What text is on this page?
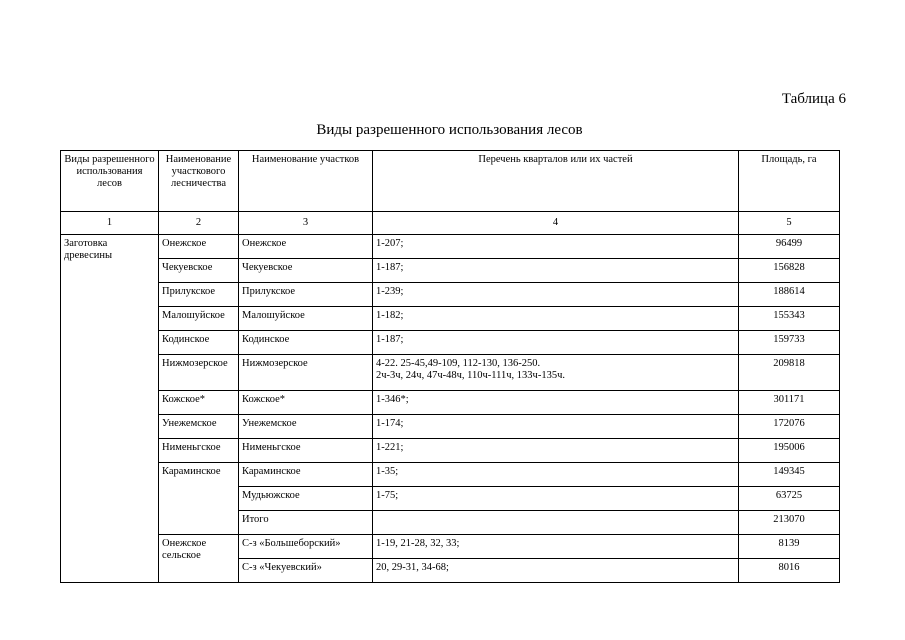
Таблица 6
Виды разрешенного использования лесов
Виды разрешенного использования лесов	Наименование участкового лесничества	Наименование участков	Перечень кварталов или их частей	Площадь, га
1	2	3	4	5
Заготовка древесины	Онежское	Онежское	1-207;	96499
	Чекуевское	Чекуевское	1-187;	156828
	Прилукское	Прилукское	1-239;	188614
	Малошуйское	Малошуйское	1-182;	155343
	Кодинское	Кодинское	1-187;	159733
	Нижмозерское	Нижмозерское	4-22. 25-45,49-109, 112-130, 136-250.
2ч-3ч, 24ч, 47ч-48ч, 110ч-111ч, 133ч-135ч.	209818
	Кожское*	Кожское*	1-346*;	301171
	Унежемское	Унежемское	1-174;	172076
	Нименьгское	Нименьгское	1-221;	195006
	Караминское	Караминское	1-35;	149345
		Мудьюжское	1-75;	63725
		Итого		213070
	Онежское сельское	С-з «Большеборский»	1-19, 21-28, 32, 33;	8139
		С-з «Чекуевский»	20, 29-31, 34-68;	8016
